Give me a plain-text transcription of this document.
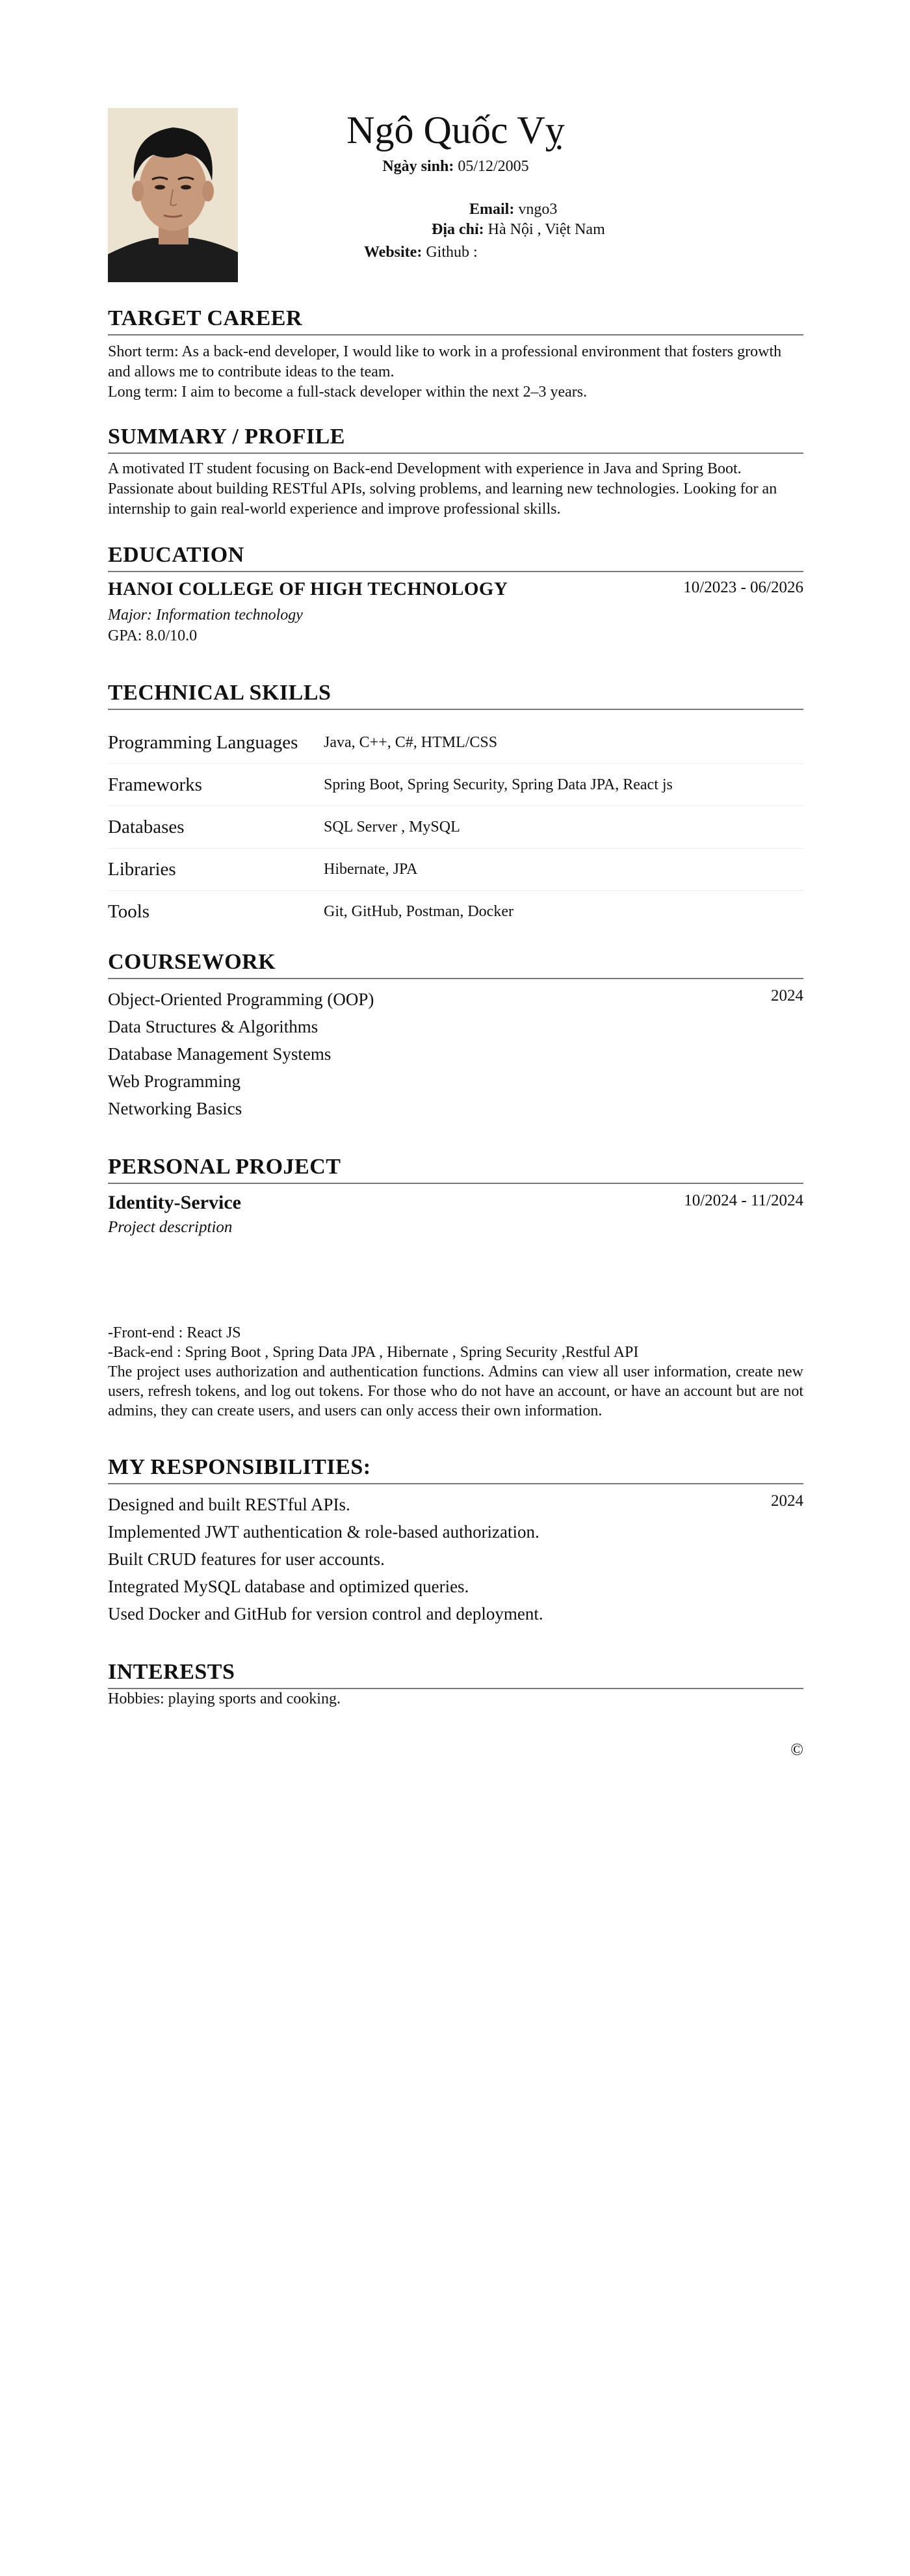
Ngô Quốc Vỵ
Ngày sinh: 05/12/2005
Email: vngo3
Địa chỉ: Hà Nội , Việt Nam
Website: Github :
TARGET CAREER

Short term: As a back-end developer, I would like to work in a professional environment that fosters growth and allows me to contribute ideas to the team.

Long term: I aim to become a full-stack developer within the next 2–3 years.

SUMMARY / PROFILE

A motivated IT student focusing on Back-end Development with experience in Java and Spring Boot. Passionate about building RESTful APIs, solving problems, and learning new technologies. Looking for an internship to gain real-world experience and improve professional skills.

EDUCATION
HANOI COLLEGE OF HIGH TECHNOLOGY	10/2023 - 06/2026
Major: Information technology
GPA: 8.0/10.0
TECHNICAL SKILLS
Programming Languages	Java, C++, C#, HTML/CSS
Frameworks	Spring Boot, Spring Security, Spring Data JPA, React js
Databases	SQL Server , MySQL
Libraries	Hibernate, JPA
Tools	Git, GitHub, Postman, Docker
COURSEWORK
2024
Object-Oriented Programming (OOP)
Data Structures & Algorithms
Database Management Systems
Web Programming
Networking Basics
PERSONAL PROJECT
Identity-Service	10/2024 - 11/2024
Project description
-Front-end : React JS
-Back-end : Spring Boot , Spring Data JPA , Hibernate , Spring Security ,Restful API

The project uses authorization and authentication functions. Admins can view all user information, create new users, refresh tokens, and log out tokens. For those who do not have an account, or have an account but are not admins, they can create users, and users can only access their own information.

MY RESPONSIBILITIES:
2024
Designed and built RESTful APIs.
Implemented JWT authentication & role-based authorization.
Built CRUD features for user accounts.
Integrated MySQL database and optimized queries.
Used Docker and GitHub for version control and deployment.
INTERESTS

Hobbies: playing sports and cooking.

©
